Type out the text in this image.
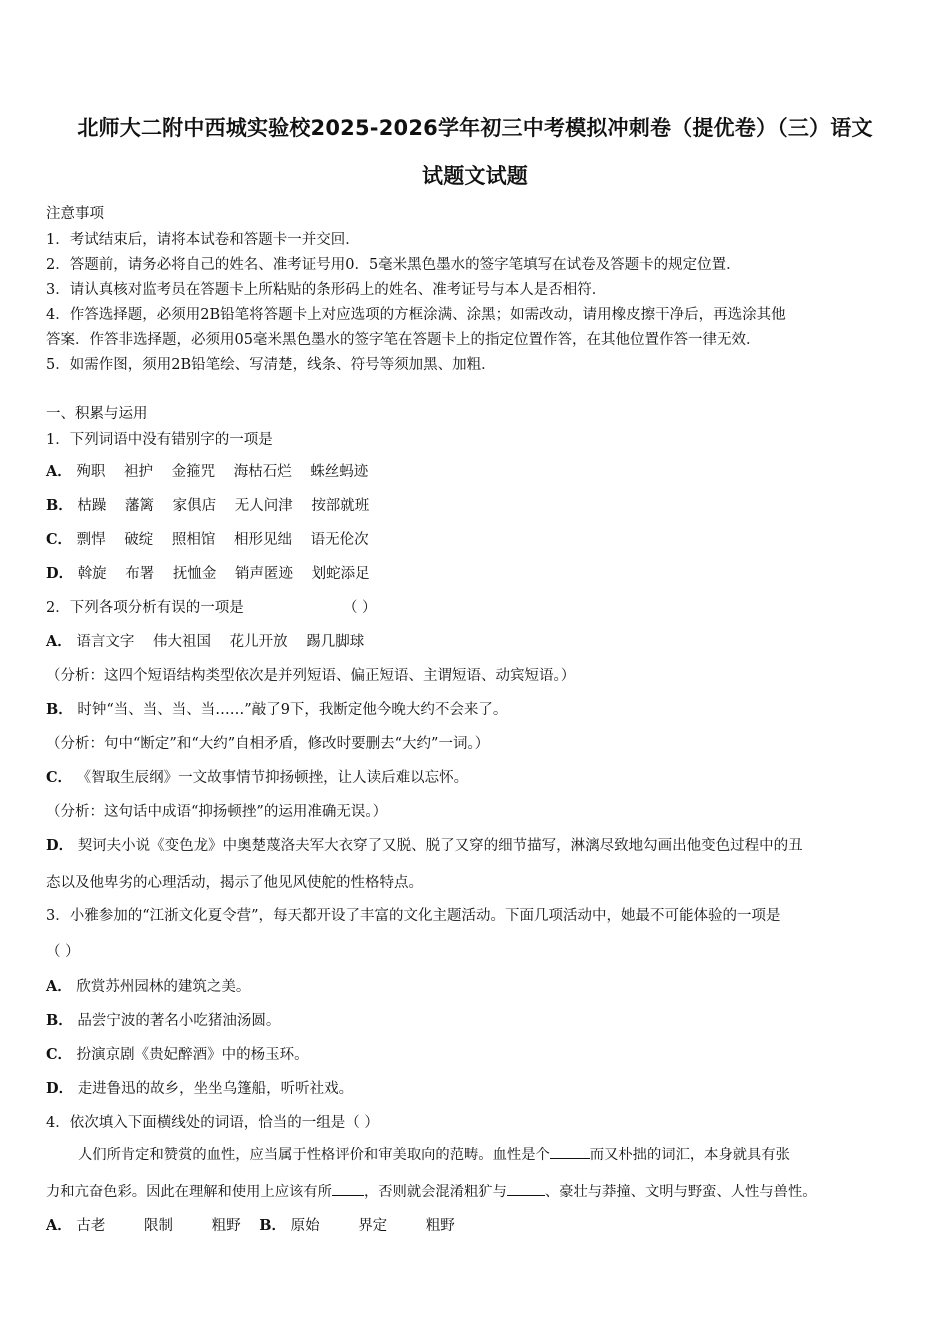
北师大二附中西城实验校2025-2026学年初三中考模拟冲刺卷（提优卷）（三）语文
试题文试题
注意事项
1．考试结束后，请将本试卷和答题卡一并交回．
2．答题前，请务必将自己的姓名、准考证号用0．5毫米黑色墨水的签字笔填写在试卷及答题卡的规定位置．
3．请认真核对监考员在答题卡上所粘贴的条形码上的姓名、准考证号与本人是否相符．
4．作答选择题，必须用2B铅笔将答题卡上对应选项的方框涂满、涂黑；如需改动，请用橡皮擦干净后，再选涂其他
答案．作答非选择题，必须用05毫米黑色墨水的签字笔在答题卡上的指定位置作答，在其他位置作答一律无效．
5．如需作图，须用2B铅笔绘、写清楚，线条、符号等须加黑、加粗．
一、积累与运用
1．下列词语中没有错别字的一项是
A． 殉职 袒护 金箍咒 海枯石烂 蛛丝蚂迹
B． 枯躁 藩篱 家俱店 无人问津 按部就班
C． 剽悍 破绽 照相馆 相形见绌 语无伦次
D． 斡旋 布署 抚恤金 销声匿迹 划蛇添足
2．下列各项分析有误的一项是	（ ）
A． 语言文字 伟大祖国 花儿开放 踢几脚球
（分析：这四个短语结构类型依次是并列短语、偏正短语、主谓短语、动宾短语。）
B． 时钟“当、当、当、当……”敲了9下，我断定他今晚大约不会来了。
（分析：句中“断定”和“大约”自相矛盾，修改时要删去“大约”一词。）
C． 《智取生辰纲》一文故事情节抑扬顿挫，让人读后难以忘怀。
（分析：这句话中成语“抑扬顿挫”的运用准确无误。）
D． 契诃夫小说《变色龙》中奥楚蔑洛夫军大衣穿了又脱、脱了又穿的细节描写，淋漓尽致地勾画出他变色过程中的丑
态以及他卑劣的心理活动，揭示了他见风使舵的性格特点。
3．小雅参加的“江浙文化夏令营”，每天都开设了丰富的文化主题活动。下面几项活动中，她最不可能体验的一项是
（ ）
A． 欣赏苏州园林的建筑之美。
B． 品尝宁波的著名小吃猪油汤圆。
C． 扮演京剧《贵妃醉酒》中的杨玉环。
D． 走进鲁迅的故乡，坐坐乌篷船，听听社戏。
4．依次填入下面横线处的词语，恰当的一组是（ ）
人们所肯定和赞赏的血性，应当属于性格评价和审美取向的范畴。血性是个	而又朴拙的词汇，本身就具有张
力和亢奋色彩。因此在理解和使用上应该有所 ，否则就会混淆粗犷与	、豪壮与莽撞、文明与野蛮、人性与兽性。
A． 古老	限制	粗野 B． 原始	界定	粗野
